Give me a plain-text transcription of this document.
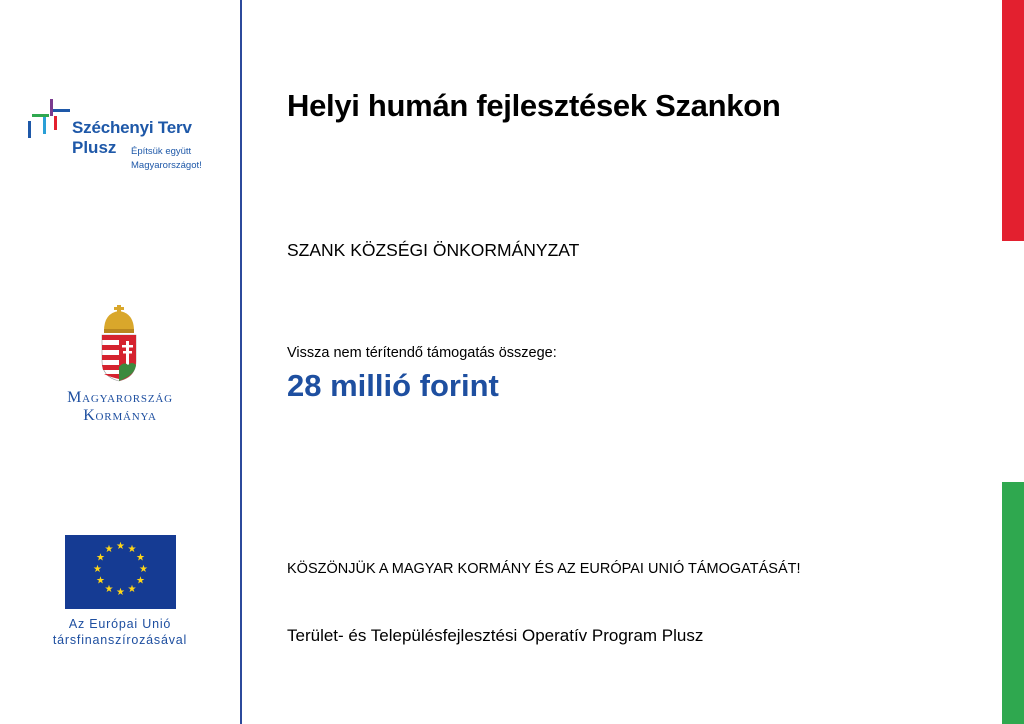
Széchenyi Terv
Plusz Építsük együtt
Magyarországot!
Magyarország
Kormánya
★ ★
★
★
★
★
★
★
★
★
★
★
Az Európai Unió
társfinanszírozásával
Helyi humán fejlesztések Szankon
SZANK KÖZSÉGI ÖNKORMÁNYZAT
Vissza nem térítendő támogatás összege:
28 millió forint
KÖSZÖNJÜK A MAGYAR KORMÁNY ÉS AZ EURÓPAI UNIÓ TÁMOGATÁSÁT!
Terület- és Településfejlesztési Operatív Program Plusz
